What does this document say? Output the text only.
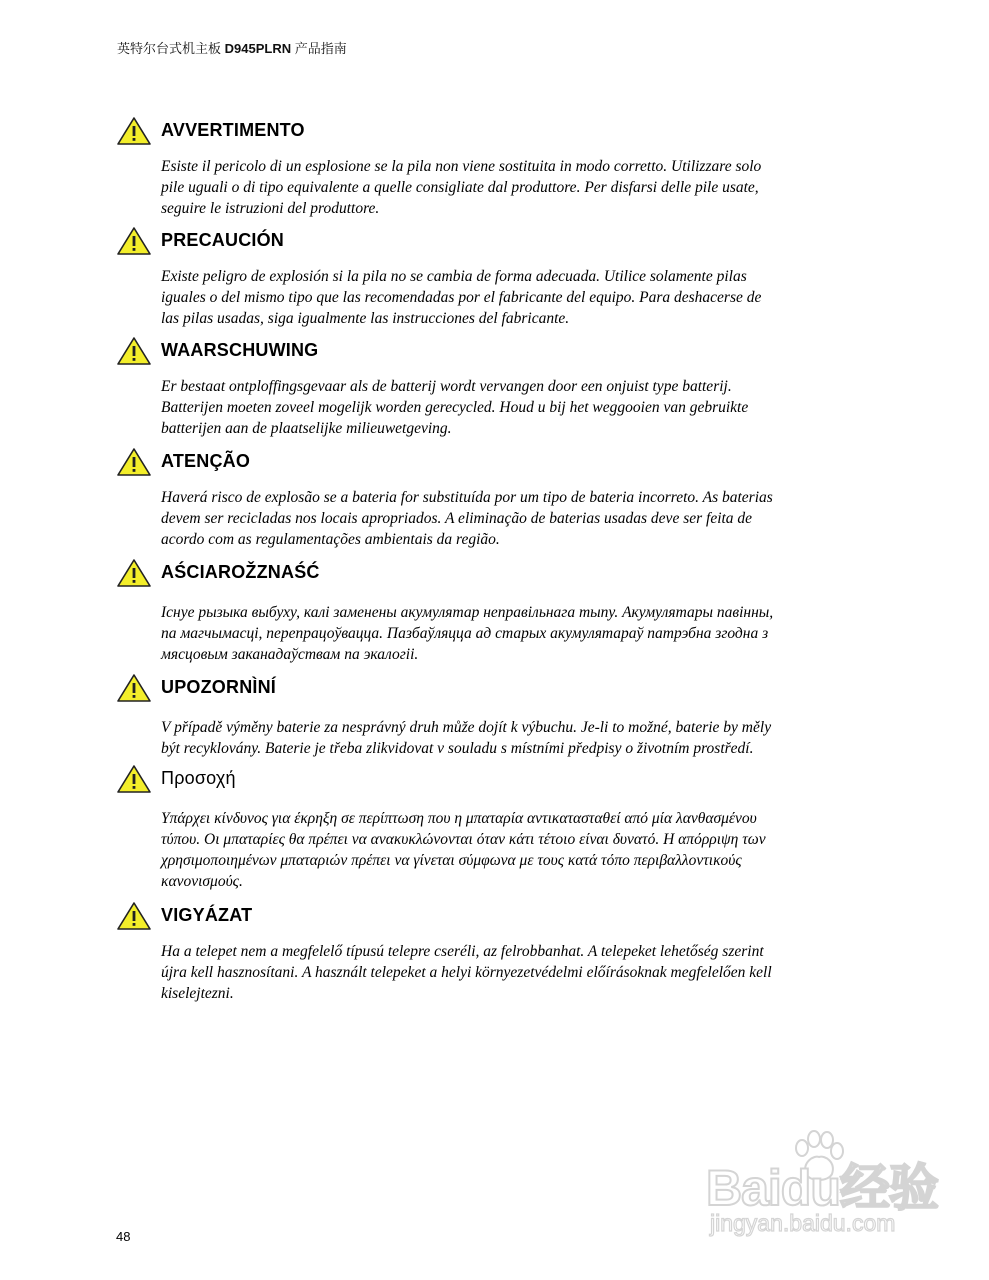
英特尔台式机主板 D945PLRN 产品指南
AVVERTIMENTO
Esiste il pericolo di un esplosione se la pila non viene sostituita in modo corretto. Utilizzare solo
pile uguali o di tipo equivalente a quelle consigliate dal produttore. Per disfarsi delle pile usate,
seguire le istruzioni del produttore.
PRECAUCIÓN
Existe peligro de explosión si la pila no se cambia de forma adecuada. Utilice solamente pilas
iguales o del mismo tipo que las recomendadas por el fabricante del equipo. Para deshacerse de
las pilas usadas, siga igualmente las instrucciones del fabricante.
WAARSCHUWING
Er bestaat ontploffingsgevaar als de batterij wordt vervangen door een onjuist type batterij.
Batterijen moeten zoveel mogelijk worden gerecycled. Houd u bij het weggooien van gebruikte
batterijen aan de plaatselijke milieuwetgeving.
ATENÇÃO
Haverá risco de explosão se a bateria for substituída por um tipo de bateria incorreto. As baterias
devem ser recicladas nos locais apropriados. A eliminação de baterias usadas deve ser feita de
acordo com as regulamentações ambientais da região.
AŚCIAROŽZNAŚĆ
Існуе рызыка выбуху, калі заменены акумулятар неправільнага тыпу. Акумулятары павінны,
па магчымасці, перепрацоўвацца. Пазбаўляцца ад старых акумулятараў патрэбна згодна з
мясцовым заканадаўствам па экалогіі.
UPOZORNÌNÍ
V případě výměny baterie za nesprávný druh může dojít k výbuchu. Je-li to možné, baterie by měly
být recyklovány. Baterie je třeba zlikvidovat v souladu s místními předpisy o životním prostředí.
Προσοχή
Υπάρχει κίνδυνος για έκρηξη σε περίπτωση που η μπαταρία αντικατασταθεί από μία λανθασμένου
τύπου. Οι μπαταρίες θα πρέπει να ανακυκλώνονται όταν κάτι τέτοιο είναι δυνατό. Η απόρριψη των
χρησιμοποιημένων μπαταριών πρέπει να γίνεται σύμφωνα με τους κατά τόπο περιβαλλοντικούς
κανονισμούς.
VIGYÁZAT
Ha a telepet nem a megfelelő típusú telepre cseréli, az felrobbanhat. A telepeket lehetőség szerint
újra kell hasznosítani. A használt telepeket a helyi környezetvédelmi előírásoknak megfelelően kell
kiselejtezni.
48
Baidu经验
jingyan.baidu.com
